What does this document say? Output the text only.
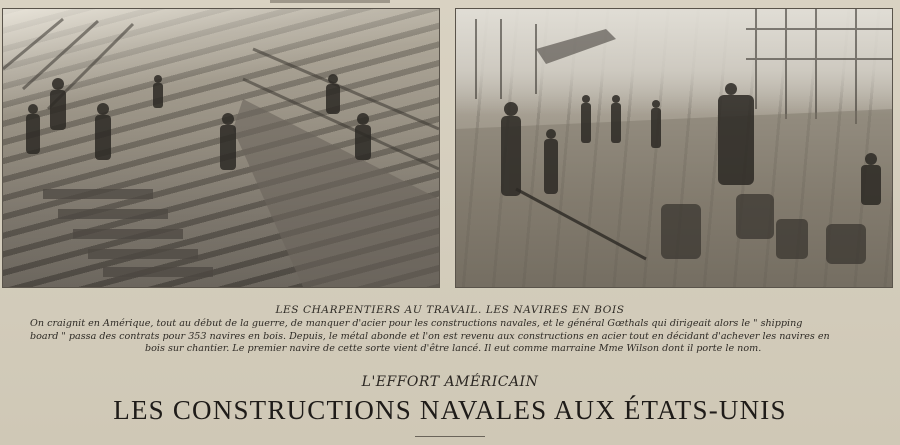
LES CHARPENTIERS AU TRAVAIL. LES NAVIRES EN BOIS
On craignit en Amérique, tout au début de la guerre, de manquer d'acier pour les constructions navales, et le général Gœthals qui dirigeait alors le " shipping
board " passa des contrats pour 353 navires en bois. Depuis, le métal abonde et l'on est revenu aux constructions en acier tout en décidant d'achever les navires en
bois sur chantier. Le premier navire de cette sorte vient d'être lancé. Il eut comme marraine Mme Wilson dont il porte le nom.
L'EFFORT AMÉRICAIN
LES CONSTRUCTIONS NAVALES AUX ÉTATS-UNIS
